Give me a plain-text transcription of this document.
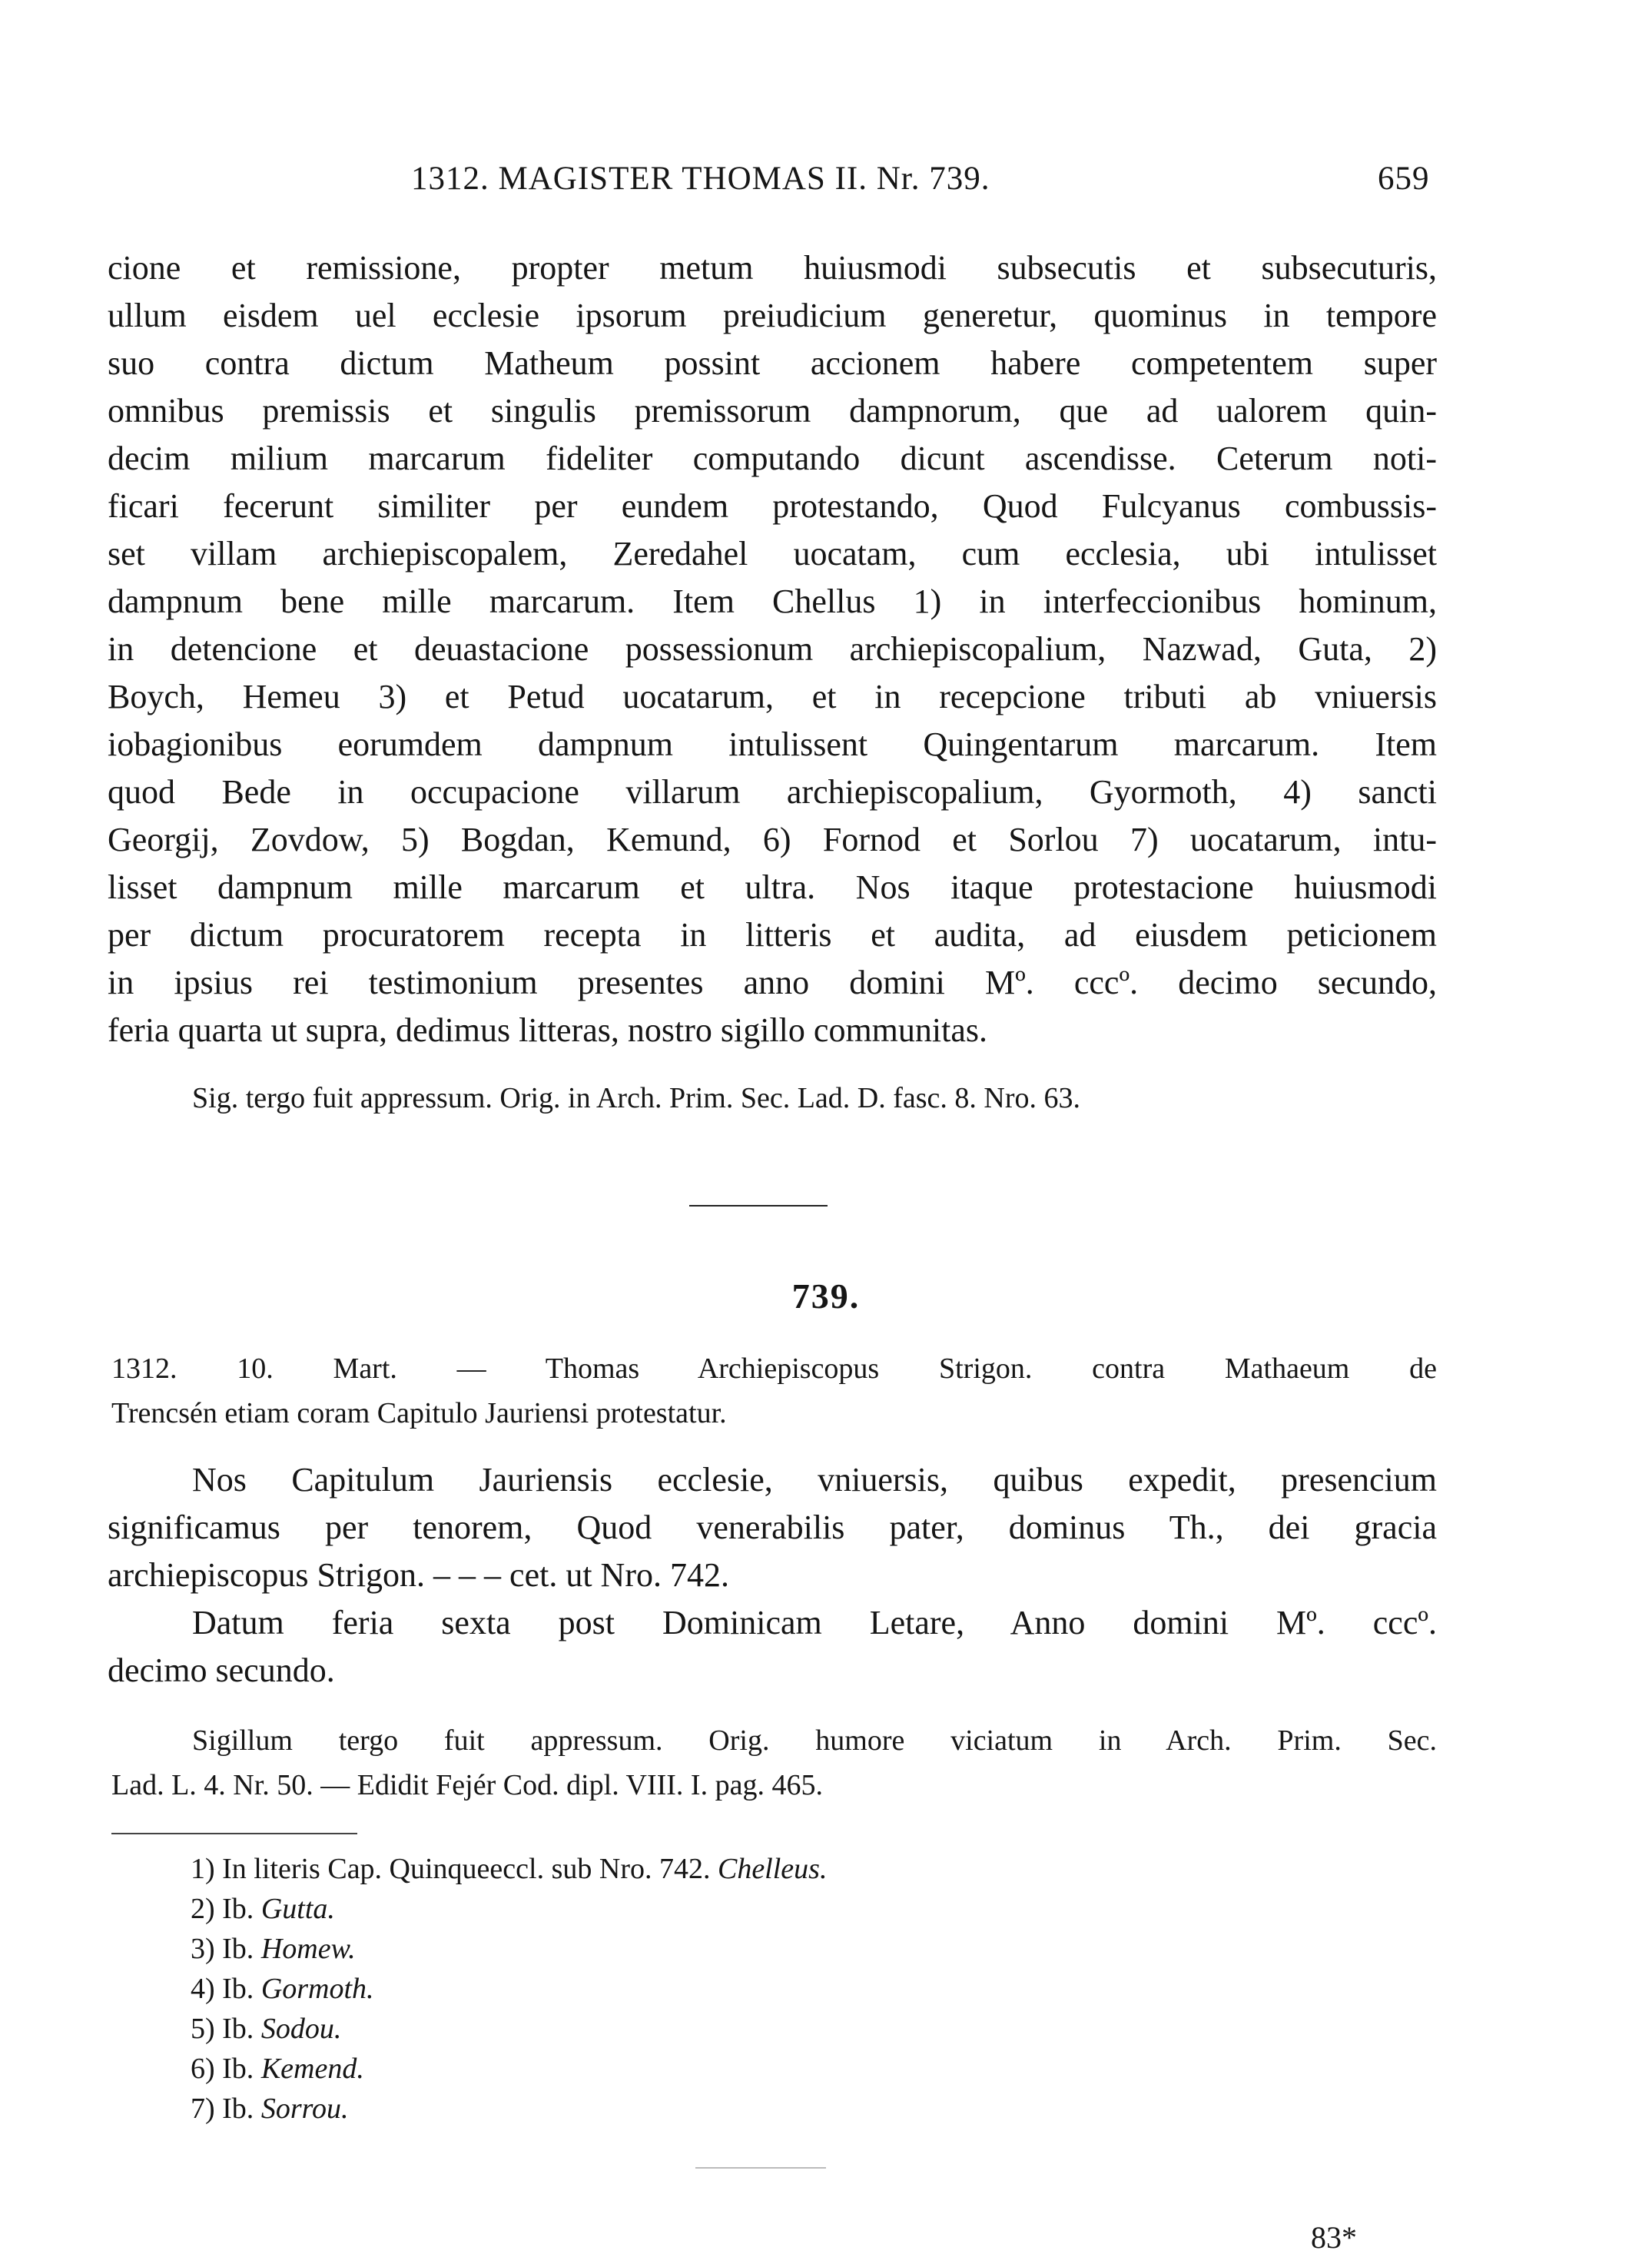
1312. MAGISTER THOMAS II. Nr. 739.	659
cione et remissione, propter metum huiusmodi subsecutis et subsecuturis,
ullum eisdem uel ecclesie ipsorum preiudicium generetur, quominus in tempore
suo contra dictum Matheum possint accionem habere competentem super
omnibus premissis et singulis premissorum dampnorum, que ad ualorem quin-
decim milium marcarum fideliter computando dicunt ascendisse. Ceterum noti-
ficari fecerunt similiter per eundem protestando, Quod Fulcyanus combussis-
set villam archiepiscopalem, Zeredahel uocatam, cum ecclesia, ubi intulisset
dampnum bene mille marcarum. Item Chellus 1) in interfeccionibus hominum,
in detencione et deuastacione possessionum archiepiscopalium, Nazwad, Guta, 2)
Boych, Hemeu 3) et Petud uocatarum, et in recepcione tributi ab vniuersis
iobagionibus eorumdem dampnum intulissent Quingentarum marcarum. Item
quod Bede in occupacione villarum archiepiscopalium, Gyormoth, 4) sancti
Georgij, Zovdow, 5) Bogdan, Kemund, 6) Fornod et Sorlou 7) uocatarum, intu-
lisset dampnum mille marcarum et ultra. Nos itaque protestacione huiusmodi
per dictum procuratorem recepta in litteris et audita, ad eiusdem peticionem
in ipsius rei testimonium presentes anno domini Mº. cccº. decimo secundo,
feria quarta ut supra, dedimus litteras, nostro sigillo communitas.
Sig. tergo fuit appressum. Orig. in Arch. Prim. Sec. Lad. D. fasc. 8. Nro. 63.
739.
1312. 10. Mart. — Thomas Archiepiscopus Strigon. contra Mathaeum de
Trencsén etiam coram Capitulo Jauriensi protestatur.
Nos Capitulum Jauriensis ecclesie, vniuersis, quibus expedit, presencium
significamus per tenorem, Quod venerabilis pater, dominus Th., dei gracia
archiepiscopus Strigon. – – – cet. ut Nro. 742.
Datum feria sexta post Dominicam Letare, Anno domini Mº. cccº.
decimo secundo.
Sigillum tergo fuit appressum. Orig. humore viciatum in Arch. Prim. Sec.
Lad. L. 4. Nr. 50. — Edidit Fejér Cod. dipl. VIII. I. pag. 465.
1) In literis Cap. Quinqueeccl. sub Nro. 742. Chelleus.
2) Ib. Gutta.
3) Ib. Homew.
4) Ib. Gormoth.
5) Ib. Sodou.
6) Ib. Kemend.
7) Ib. Sorrou.
83*
